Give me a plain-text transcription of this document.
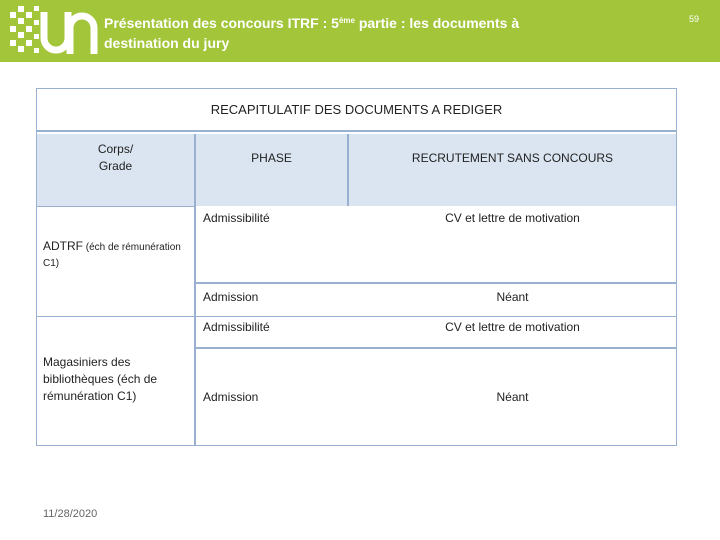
Présentation des concours ITRF : 5ème partie : les documents à destination du jury
59
RECAPITULATIF DES DOCUMENTS A REDIGER
Corps/ Grade
PHASE	RECRUTEMENT SANS CONCOURS
ADTRF (éch de rémunération C1)
Admissibilité	CV et lettre de motivation
Admission	Néant
Magasiniers des bibliothèques (éch de rémunération C1)
Admissibilité	CV et lettre de motivation
Admission	Néant
11/28/2020
